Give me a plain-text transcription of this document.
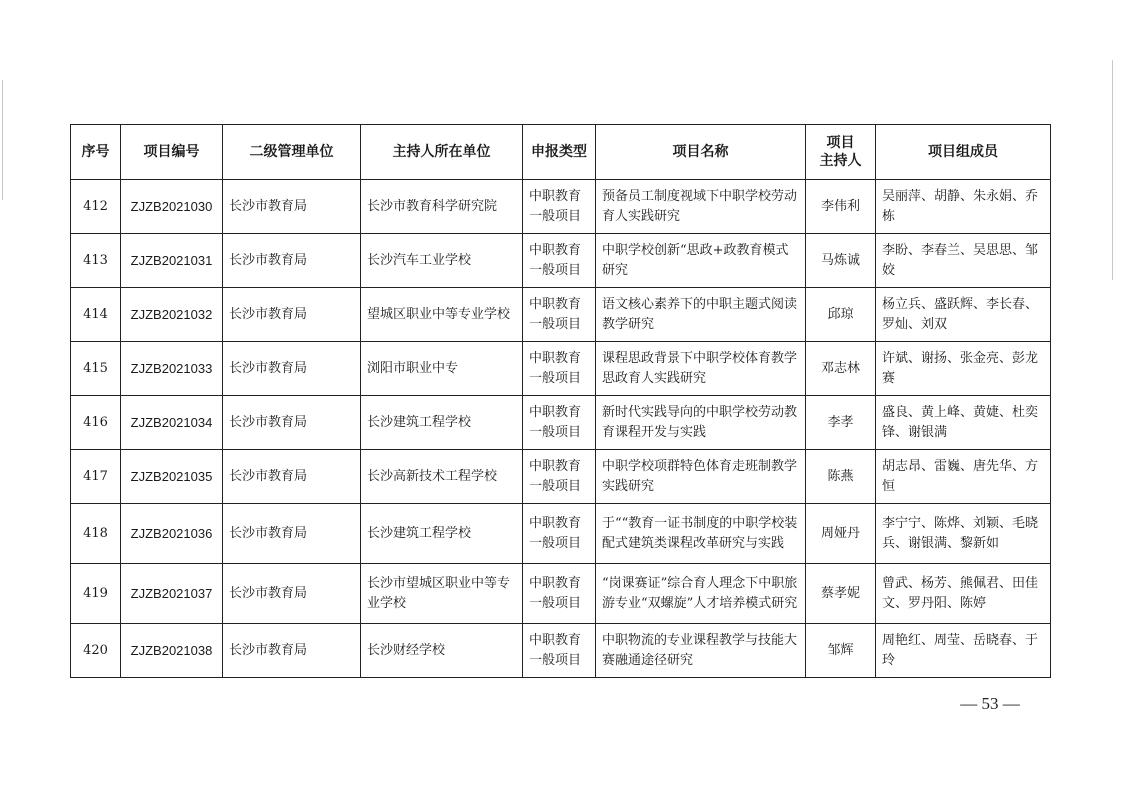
序号	项目编号	二级管理单位	主持人所在单位	申报类型	项目名称	项目
主持人	项目组成员
412	ZJZB2021030	长沙市教育局	长沙市教育科学研究院	中职教育一般项目	预备员工制度视域下中职学校劳动育人实践研究	李伟利	吴丽萍、胡静、朱永娟、乔栋
413	ZJZB2021031	长沙市教育局	长沙汽车工业学校	中职教育一般项目	中职学校创新“思政+政教育模式研究	马炼诚	李盼、李春兰、吴思思、邹姣
414	ZJZB2021032	长沙市教育局	望城区职业中等专业学校	中职教育一般项目	语文核心素养下的中职主题式阅读教学研究	邱琼	杨立兵、盛跃辉、李长春、罗灿、刘双
415	ZJZB2021033	长沙市教育局	浏阳市职业中专	中职教育一般项目	课程思政背景下中职学校体育教学思政育人实践研究	邓志林	许斌、谢扬、张金亮、彭龙赛
416	ZJZB2021034	长沙市教育局	长沙建筑工程学校	中职教育一般项目	新时代实践导向的中职学校劳动教育课程开发与实践	李孝	盛良、黄上峰、黄婕、杜奕锋、谢银满
417	ZJZB2021035	长沙市教育局	长沙高新技术工程学校	中职教育一般项目	中职学校项群特色体育走班制教学实践研究	陈燕	胡志昂、雷巍、唐先华、方恒
418	ZJZB2021036	长沙市教育局	长沙建筑工程学校	中职教育一般项目	于““教育一证书制度的中职学校装配式建筑类课程改革研究与实践	周娅丹	李宁宁、陈烨、刘颖、毛晓兵、谢银满、黎新如
419	ZJZB2021037	长沙市教育局	长沙市望城区职业中等专业学校	中职教育一般项目	“岗课赛证”综合育人理念下中职旅游专业“双螺旋”人才培养模式研究	蔡孝妮	曾武、杨芳、熊佩君、田佳文、罗丹阳、陈婷
420	ZJZB2021038	长沙市教育局	长沙财经学校	中职教育一般项目	中职物流的专业课程教学与技能大赛融通途径研究	邹辉	周艳红、周莹、岳晓春、于玲
— 53 —
